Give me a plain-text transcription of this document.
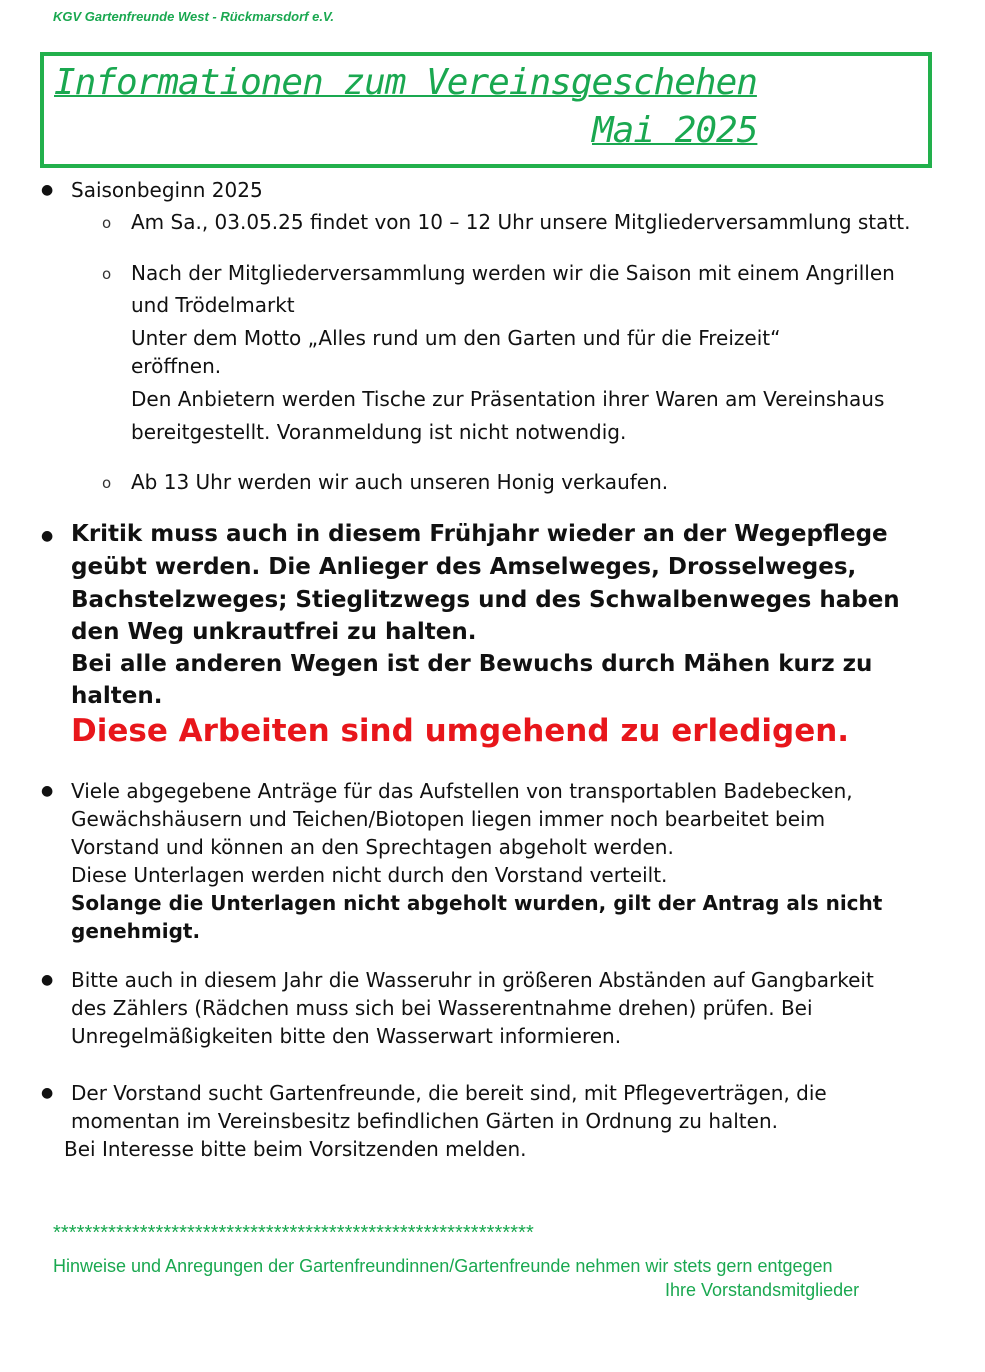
KGV Gartenfreunde West - Rückmarsdorf e.V.
Informationen zum Vereinsgeschehen
Mai 2025
● Saisonbeginn 2025
o Am Sa., 03.05.25 findet von 10 – 12 Uhr unsere Mitgliederversammlung statt.
o Nach der Mitgliederversammlung werden wir die Saison mit einem Angrillen
und Trödelmarkt
Unter dem Motto „Alles rund um den Garten und für die Freizeit“
eröffnen.
Den Anbietern werden Tische zur Präsentation ihrer Waren am Vereinshaus
bereitgestellt. Voranmeldung ist nicht notwendig.
o Ab 13 Uhr werden wir auch unseren Honig verkaufen.
● Kritik muss auch in diesem Frühjahr wieder an der Wegepflege
geübt werden. Die Anlieger des Amselweges, Drosselweges,
Bachstelzweges; Stieglitzwegs und des Schwalbenweges haben
den Weg unkrautfrei zu halten.
Bei alle anderen Wegen ist der Bewuchs durch Mähen kurz zu
halten.
Diese Arbeiten sind umgehend zu erledigen.
● Viele abgegebene Anträge für das Aufstellen von transportablen Badebecken,
Gewächshäusern und Teichen/Biotopen liegen immer noch bearbeitet beim
Vorstand und können an den Sprechtagen abgeholt werden.
Diese Unterlagen werden nicht durch den Vorstand verteilt.
Solange die Unterlagen nicht abgeholt wurden, gilt der Antrag als nicht
genehmigt.
● Bitte auch in diesem Jahr die Wasseruhr in größeren Abständen auf Gangbarkeit
des Zählers (Rädchen muss sich bei Wasserentnahme drehen) prüfen. Bei
Unregelmäßigkeiten bitte den Wasserwart informieren.
● Der Vorstand sucht Gartenfreunde, die bereit sind, mit Pflegeverträgen, die
momentan im Vereinsbesitz befindlichen Gärten in Ordnung zu halten.
Bei Interesse bitte beim Vorsitzenden melden.
*************************************************************
Hinweise und Anregungen der Gartenfreundinnen/Gartenfreunde nehmen wir stets gern entgegen
Ihre Vorstandsmitglieder
